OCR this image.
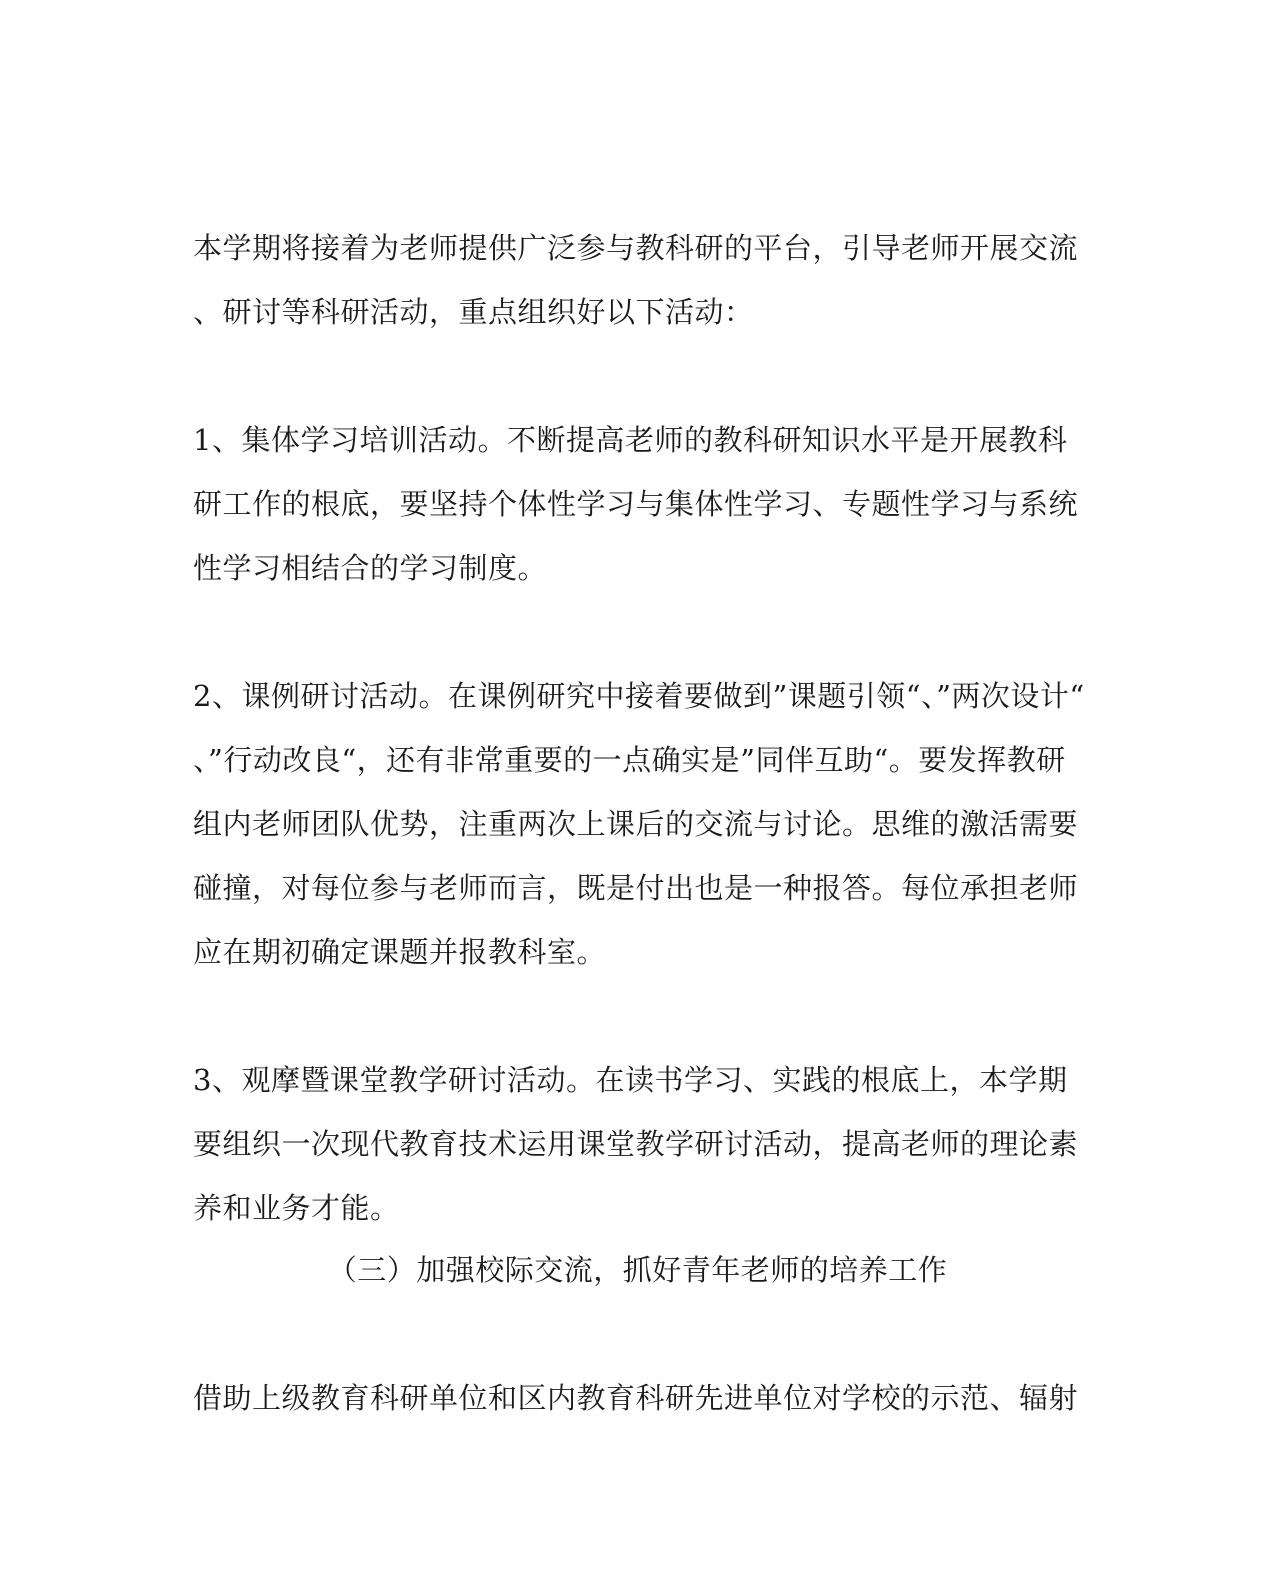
本学期将接着为老师提供广泛参与教科研的平台，引导老师开展交流
、研讨等科研活动，重点组织好以下活动：
1、集体学习培训活动。不断提高老师的教科研知识水平是开展教科
研工作的根底，要坚持个体性学习与集体性学习、专题性学习与系统
性学习相结合的学习制度。
2、课例研讨活动。在课例研究中接着要做到”课题引领“、”两次设计“
、”行动改良“，还有非常重要的一点确实是”同伴互助“。要发挥教研
组内老师团队优势，注重两次上课后的交流与讨论。思维的激活需要
碰撞，对每位参与老师而言，既是付出也是一种报答。每位承担老师
应在期初确定课题并报教科室。
3、观摩暨课堂教学研讨活动。在读书学习、实践的根底上，本学期
要组织一次现代教育技术运用课堂教学研讨活动，提高老师的理论素
养和业务才能。
（三）加强校际交流，抓好青年老师的培养工作
借助上级教育科研单位和区内教育科研先进单位对学校的示范、辐射
